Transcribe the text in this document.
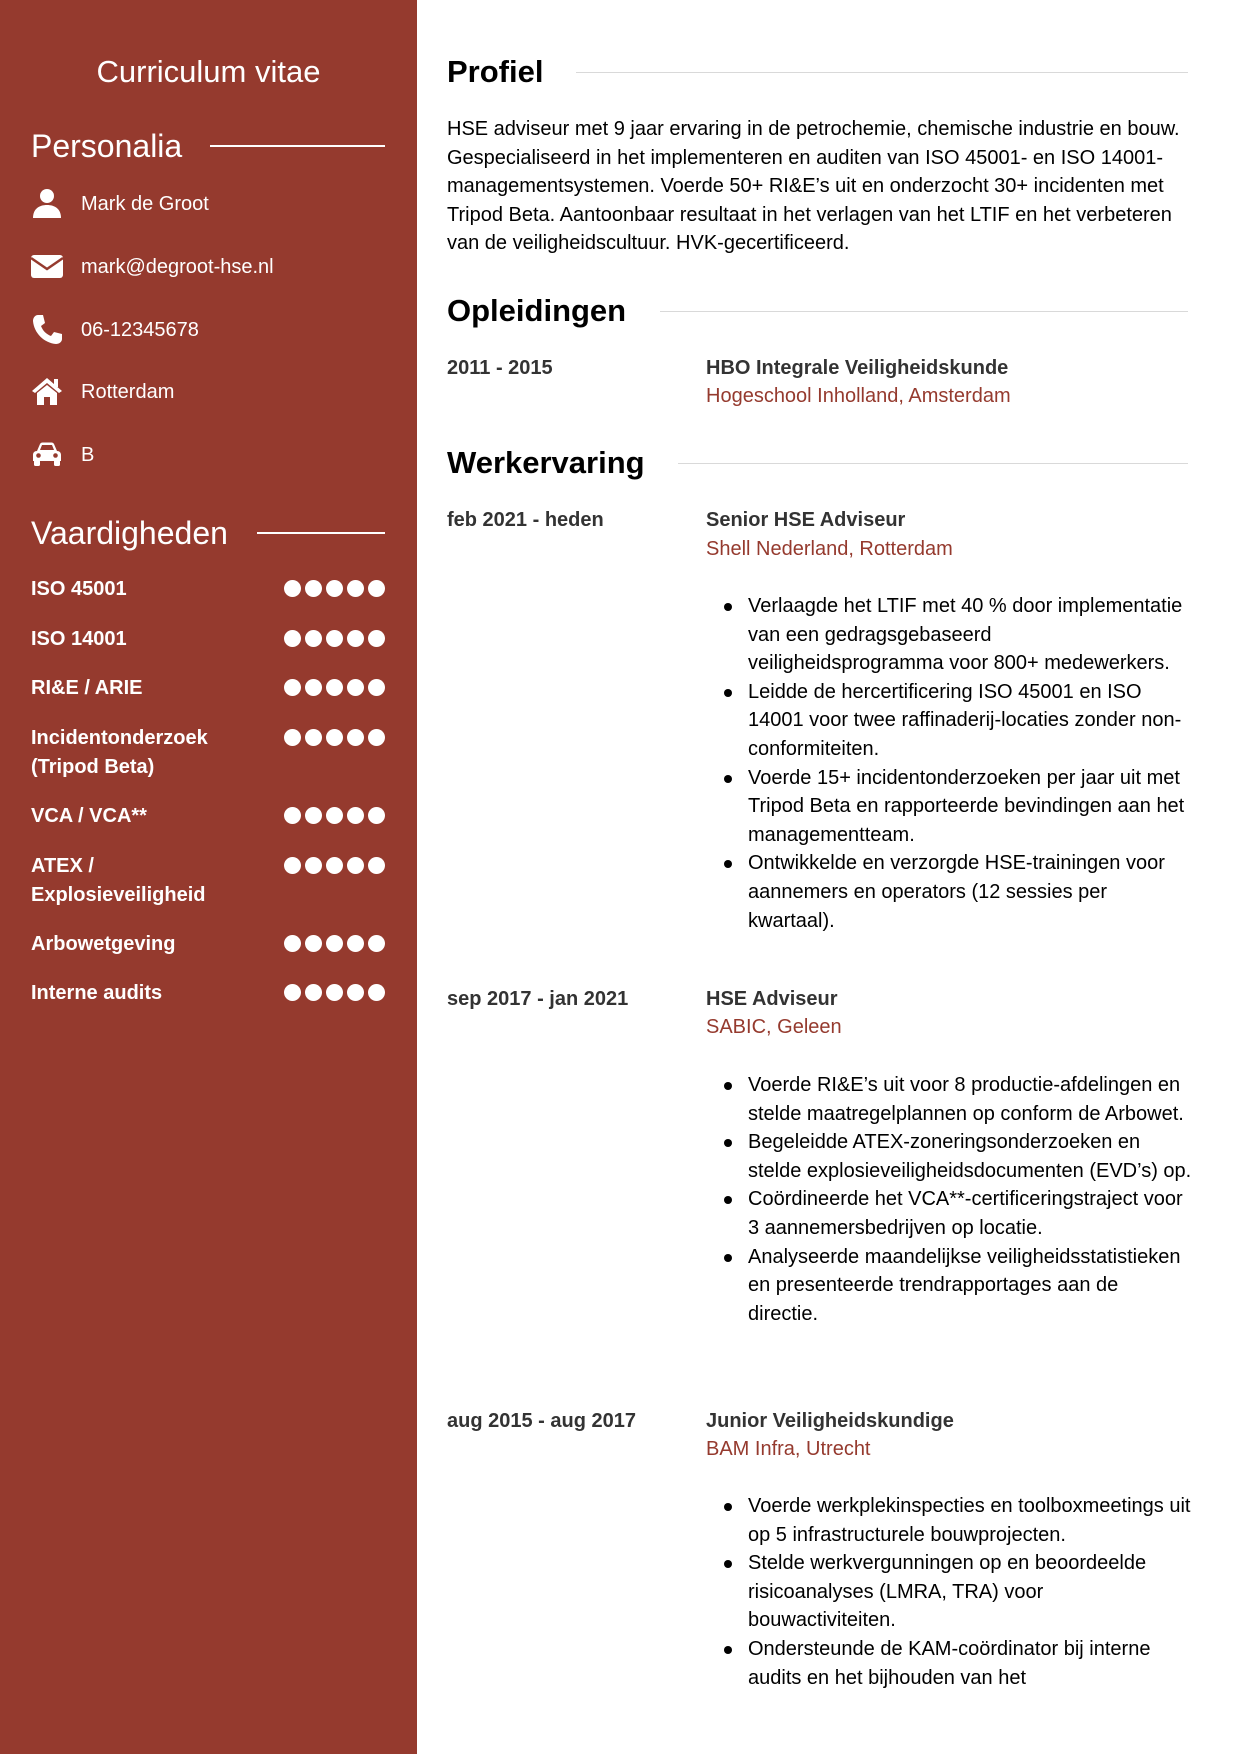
Curriculum vitae
Personalia
Mark de Groot
mark@degroot-hse.nl
06-12345678
Rotterdam
B
Vaardigheden
ISO 45001
ISO 14001
RI&E / ARIE
Incidentonderzoek (Tripod Beta)
VCA / VCA**
ATEX / Explosieveiligheid
Arbowetgeving
Interne audits
Profiel
HSE adviseur met 9 jaar ervaring in de petrochemie, chemische industrie en bouw. Gespecialiseerd in het implementeren en auditen van ISO 45001- en ISO 14001-managementsystemen. Voerde 50+ RI&E’s uit en onderzocht 30+ incidenten met Tripod Beta. Aantoonbaar resultaat in het verlagen van het LTIF en het verbeteren van de veiligheidscultuur. HVK-gecertificeerd.
Opleidingen
2011 - 2015	HBO Integrale Veiligheidskunde
Hogeschool Inholland, Amsterdam
Werkervaring
feb 2021 - heden	Senior HSE Adviseur
Shell Nederland, Rotterdam
Verlaagde het LTIF met 40 % door implementatie van een gedragsgebaseerd veiligheidsprogramma voor 800+ medewerkers.
Leidde de hercertificering ISO 45001 en ISO 14001 voor twee raffinaderij-locaties zonder non-conformiteiten.
Voerde 15+ incidentonderzoeken per jaar uit met Tripod Beta en rapporteerde bevindingen aan het managementteam.
Ontwikkelde en verzorgde HSE-trainingen voor aannemers en operators (12 sessies per kwartaal).
sep 2017 - jan 2021	HSE Adviseur
SABIC, Geleen
Voerde RI&E’s uit voor 8 productie-afdelingen en stelde maatregelplannen op conform de Arbowet.
Begeleidde ATEX-zoneringsonderzoeken en stelde explosieveiligheidsdocumenten (EVD’s) op.
Coördineerde het VCA**-certificeringstraject voor 3 aannemersbedrijven op locatie.
Analyseerde maandelijkse veiligheidsstatistieken en presenteerde trendrapportages aan de directie.
aug 2015 - aug 2017	Junior Veiligheidskundige
BAM Infra, Utrecht
Voerde werkplekinspecties en toolboxmeetings uit op 5 infrastructurele bouwprojecten.
Stelde werkvergunningen op en beoordeelde risicoanalyses (LMRA, TRA) voor bouwactiviteiten.
Ondersteunde de KAM-coördinator bij interne audits en het bijhouden van het
